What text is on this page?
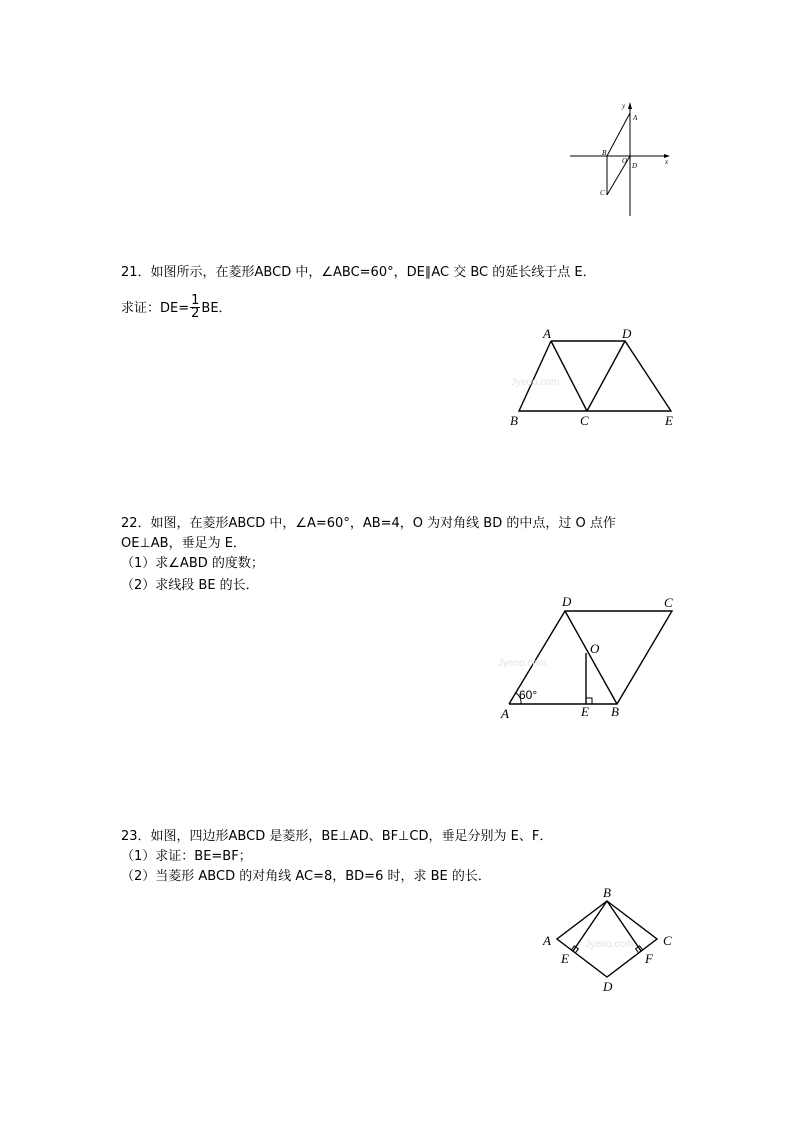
y
x
A
B
O
D
C
21．如图所示，在菱形ABCD 中，∠ABC=60°，DE∥AC 交 BC 的延长线于点 E．
求证：$DE= \frac{1}{2}$ BE．
Jyeoo.com
A	D
B	C	E
22．如图，在菱形ABCD 中，∠A=60°，AB=4，O 为对角线 BD 的中点，过 O 点作
OE⊥AB，垂足为 E．
（1）求∠ABD 的度数；
（2）求线段 BE 的长．
Jyeoo.com
60°
D	C
O
A	E B
23．如图，四边形ABCD 是菱形，BE⊥AD、BF⊥CD，垂足分别为 E、F．
（1）求证：BE=BF；
（2）当菱形 ABCD 的对角线 AC=8，BD=6 时，求 BE 的长．
Jyeoo.com
B
A	C
E	F
D
